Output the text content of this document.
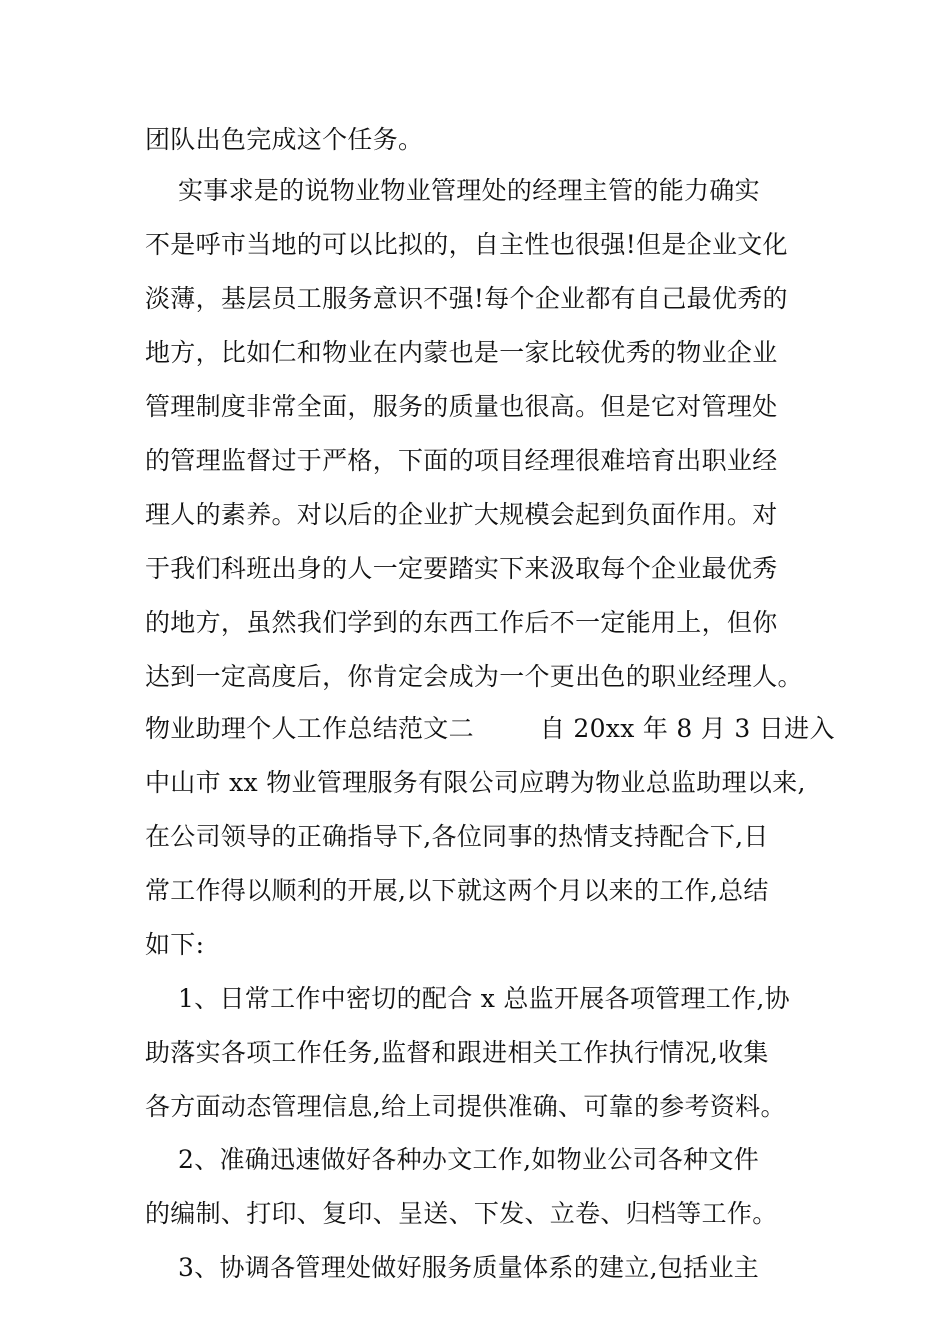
团队出色完成这个任务。
实事求是的说物业物业管理处的经理主管的能力确实
不是呼市当地的可以比拟的，自主性也很强!但是企业文化
淡薄，基层员工服务意识不强!每个企业都有自己最优秀的
地方，比如仁和物业在内蒙也是一家比较优秀的物业企业
管理制度非常全面，服务的质量也很高。但是它对管理处
的管理监督过于严格，下面的项目经理很难培育出职业经
理人的素养。对以后的企业扩大规模会起到负面作用。对
于我们科班出身的人一定要踏实下来汲取每个企业最优秀
的地方，虽然我们学到的东西工作后不一定能用上，但你
达到一定高度后，你肯定会成为一个更出色的职业经理人。
物业助理个人工作总结范文二        自 20xx 年 8 月 3 日进入
中山市 xx 物业管理服务有限公司应聘为物业总监助理以来,
在公司领导的正确指导下,各位同事的热情支持配合下,日
常工作得以顺利的开展,以下就这两个月以来的工作,总结
如下:
1、日常工作中密切的配合 x 总监开展各项管理工作,协
助落实各项工作任务,监督和跟进相关工作执行情况,收集
各方面动态管理信息,给上司提供准确、可靠的参考资料。
2、准确迅速做好各种办文工作,如物业公司各种文件
的编制、打印、复印、呈送、下发、立卷、归档等工作。
3、协调各管理处做好服务质量体系的建立,包括业主
